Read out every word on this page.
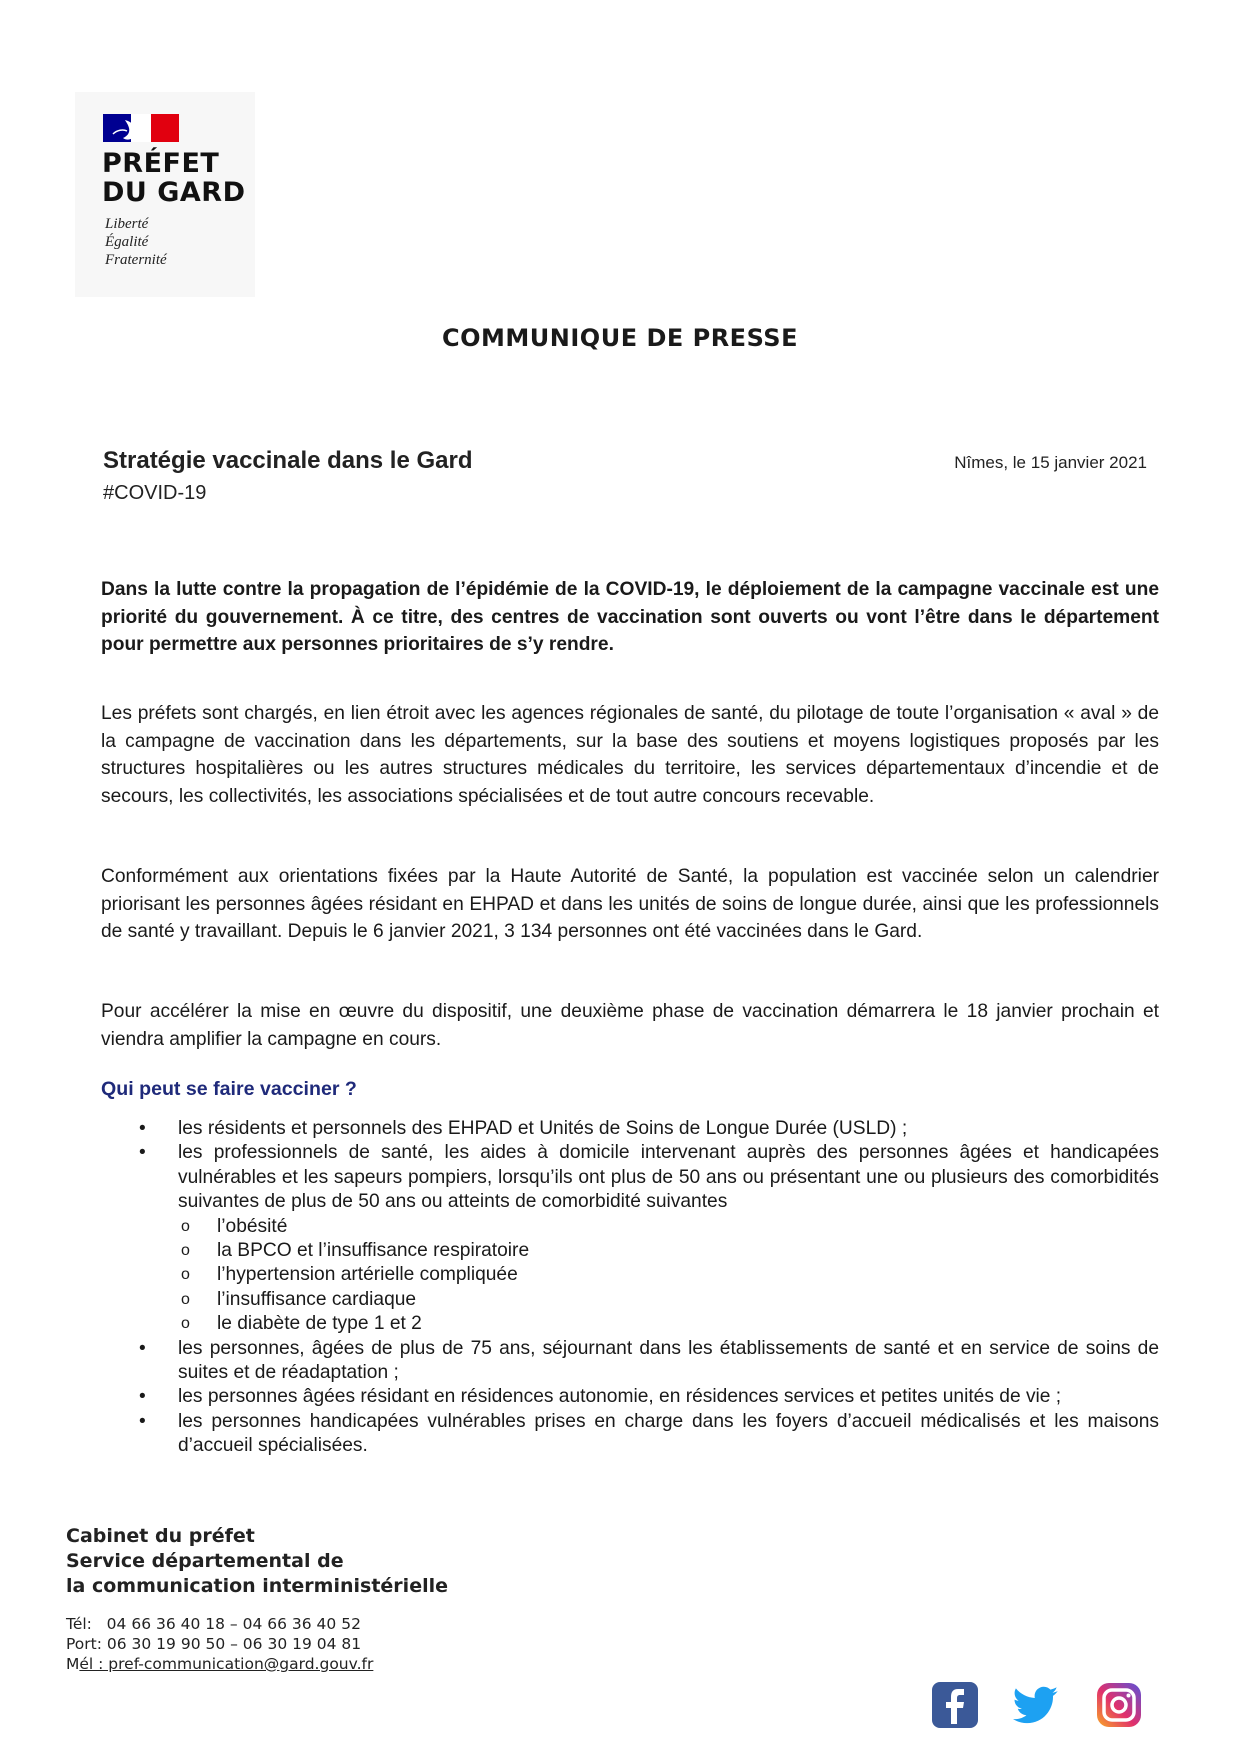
PRÉFET
DU GARD
Liberté
Égalité
Fraternité
COMMUNIQUE DE PRESSE
Stratégie vaccinale dans le Gard	Nîmes, le 15 janvier 2021
#COVID-19
Dans la lutte contre la propagation de l’épidémie de la COVID-19, le déploiement de la campagne vaccinale est une priorité du gouvernement. À ce titre, des centres de vaccination sont ouverts ou vont l’être dans le département pour permettre aux personnes prioritaires de s’y rendre.
Les préfets sont chargés, en lien étroit avec les agences régionales de santé, du pilotage de toute l’organisation « aval » de la campagne de vaccination dans les départements, sur la base des soutiens et moyens logistiques proposés par les structures hospitalières ou les autres structures médicales du territoire, les services départementaux d’incendie et de secours, les collectivités, les associations spécialisées et de tout autre concours recevable.
Conformément aux orientations fixées par la Haute Autorité de Santé, la population est vaccinée selon un calendrier priorisant les personnes âgées résidant en EHPAD et dans les unités de soins de longue durée, ainsi que les professionnels de santé y travaillant. Depuis le 6 janvier 2021, 3 134 personnes ont été vaccinées dans le Gard.
Pour accélérer la mise en œuvre du dispositif, une deuxième phase de vaccination démarrera le 18 janvier prochain et viendra amplifier la campagne en cours.
Qui peut se faire vacciner ?
• les résidents et personnels des EHPAD et Unités de Soins de Longue Durée (USLD) ;
• les professionnels de santé, les aides à domicile intervenant auprès des personnes âgées et handicapées vulnérables et les sapeurs pompiers, lorsqu’ils ont plus de 50 ans ou présentant une ou plusieurs des comorbidités suivantes de plus de 50 ans ou atteints de comorbidité suivantes
o l’obésité
o la BPCO et l’insuffisance respiratoire
o l’hypertension artérielle compliquée
o l’insuffisance cardiaque
o le diabète de type 1 et 2
• les personnes, âgées de plus de 75 ans, séjournant dans les établissements de santé et en service de soins de suites et de réadaptation ;
• les personnes âgées résidant en résidences autonomie, en résidences services et petites unités de vie ;
• les personnes handicapées vulnérables prises en charge dans les foyers d’accueil médicalisés et les maisons d’accueil spécialisées.
Cabinet du préfet
Service départemental de
la communication interministérielle
Tél:   04 66 36 40 18 – 04 66 36 40 52
Port: 06 30 19 90 50 – 06 30 19 04 81
Mél : pref-communication@gard.gouv.fr
